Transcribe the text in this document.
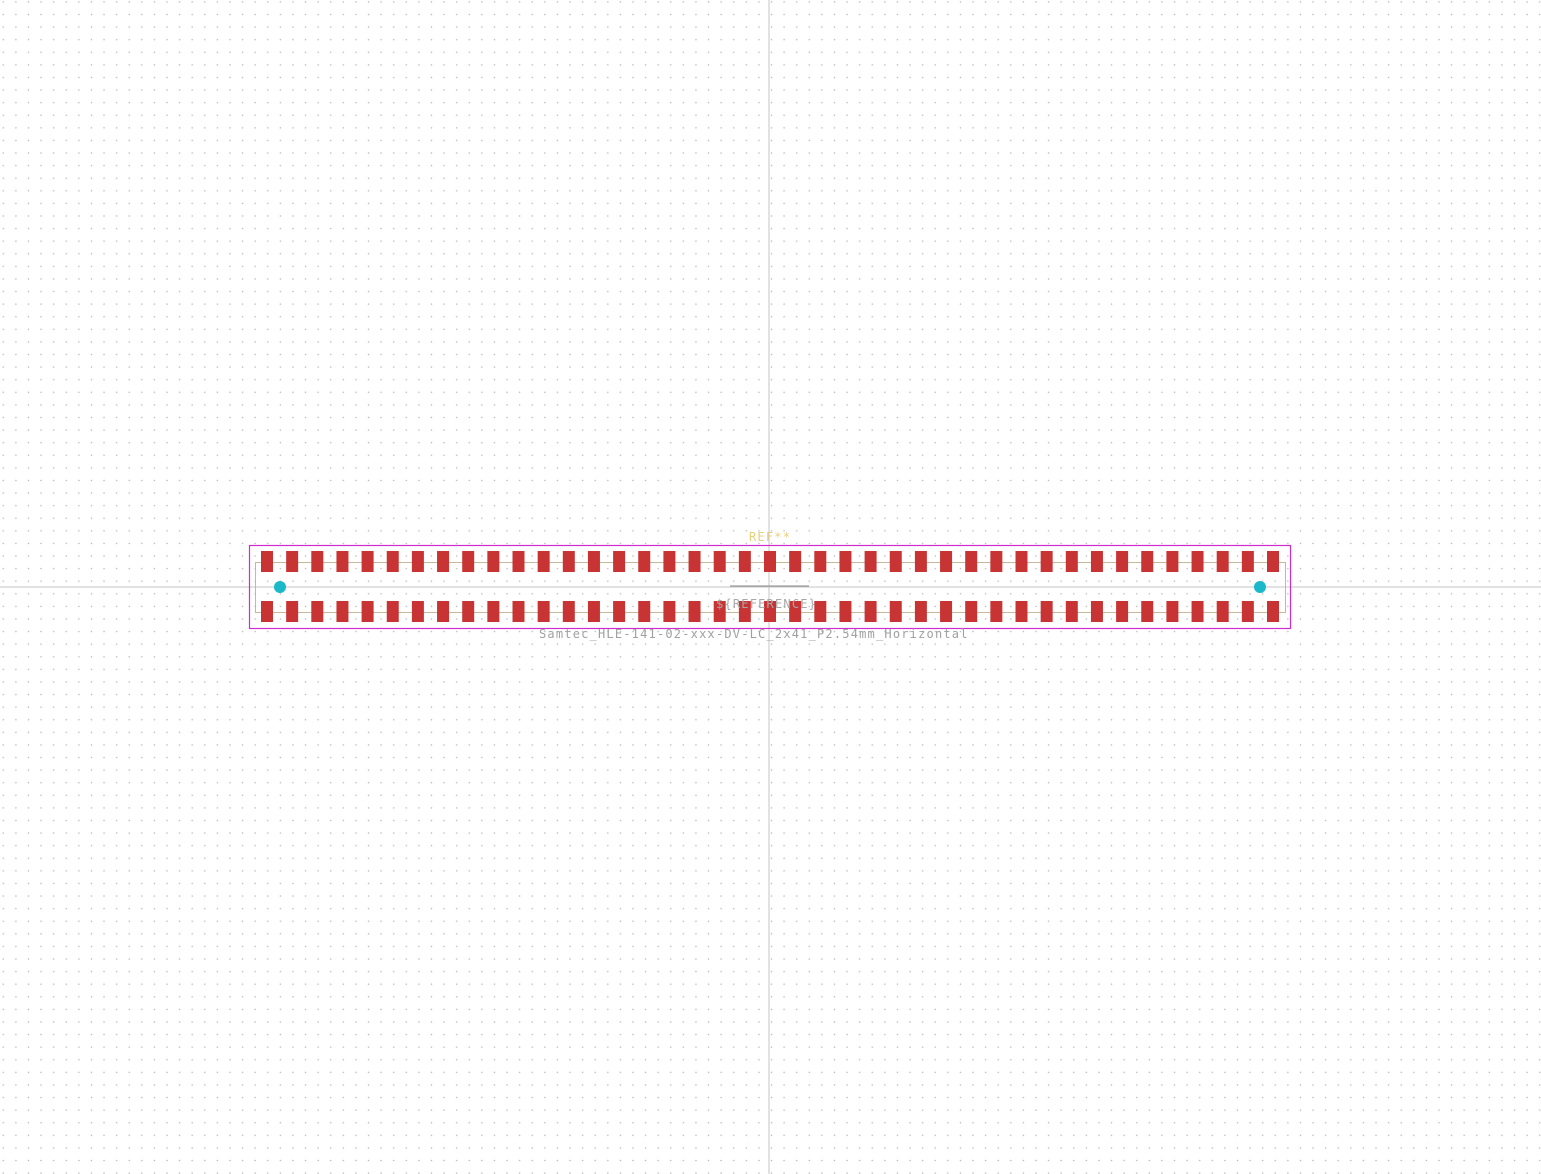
REF**
${REFERENCE}
Samtec_HLE-141-02-xxx-DV-LC_2x41_P2.54mm_Horizontal
